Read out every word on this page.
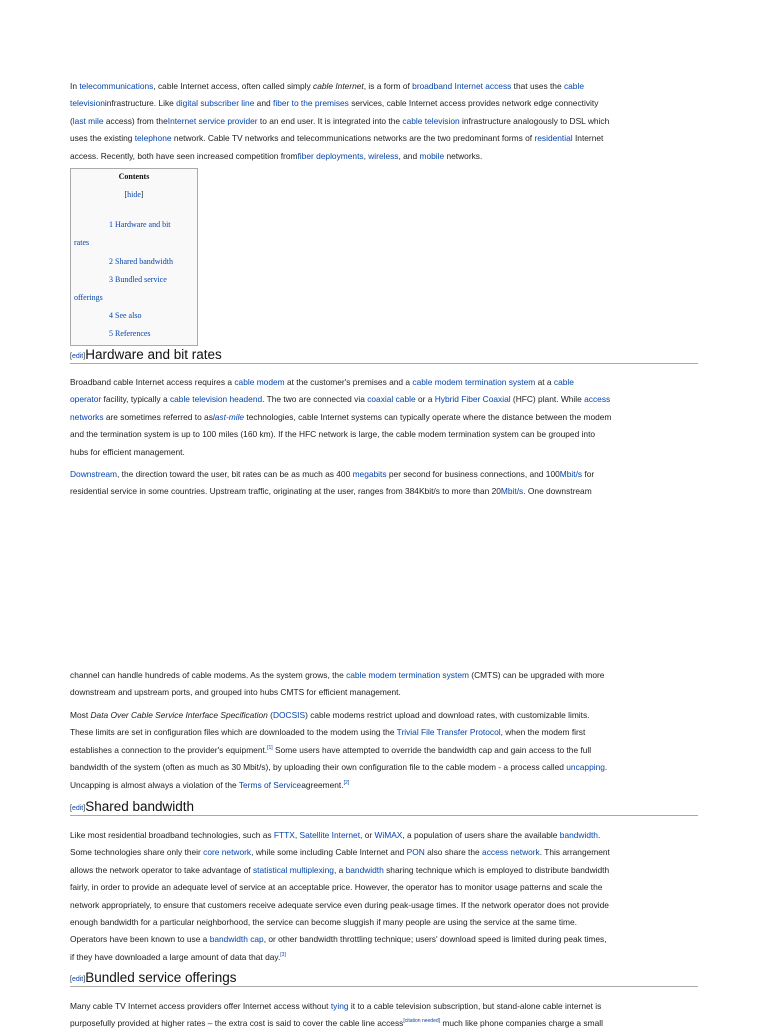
In telecommunications, cable Internet access, often called simply cable Internet, is a form of broadband Internet access that uses the cable
televisioninfrastructure. Like digital subscriber line and fiber to the premises services, cable Internet access provides network edge connectivity
(last mile access) from theInternet service provider to an end user. It is integrated into the cable television infrastructure analogously to DSL which
uses the existing telephone network. Cable TV networks and telecommunications networks are the two predominant forms of residential Internet
access. Recently, both have seen increased competition fromfiber deployments, wireless, and mobile networks.
Contents
[hide]
1 Hardware and bit
rates
2 Shared bandwidth
3 Bundled service
offerings
4 See also
5 References
[edit]Hardware and bit rates
Broadband cable Internet access requires a cable modem at the customer's premises and a cable modem termination system at a cable
operator facility, typically a cable television headend. The two are connected via coaxial cable or a Hybrid Fiber Coaxial (HFC) plant. While access
networks are sometimes referred to aslast-mile technologies, cable Internet systems can typically operate where the distance between the modem
and the termination system is up to 100 miles (160 km). If the HFC network is large, the cable modem termination system can be grouped into
hubs for efficient management.
Downstream, the direction toward the user, bit rates can be as much as 400 megabits per second for business connections, and 100Mbit/s for
residential service in some countries. Upstream traffic, originating at the user, ranges from 384Kbit/s to more than 20Mbit/s. One downstream
channel can handle hundreds of cable modems. As the system grows, the cable modem termination system (CMTS) can be upgraded with more
downstream and upstream ports, and grouped into hubs CMTS for efficient management.
Most Data Over Cable Service Interface Specification (DOCSIS) cable modems restrict upload and download rates, with customizable limits.
These limits are set in configuration files which are downloaded to the modem using the Trivial File Transfer Protocol, when the modem first
establishes a connection to the provider's equipment.[1] Some users have attempted to override the bandwidth cap and gain access to the full
bandwidth of the system (often as much as 30 Mbit/s), by uploading their own configuration file to the cable modem - a process called uncapping.
Uncapping is almost always a violation of the Terms of Serviceagreement.[2]
[edit]Shared bandwidth
Like most residential broadband technologies, such as FTTX, Satellite Internet, or WiMAX, a population of users share the available bandwidth.
Some technologies share only their core network, while some including Cable Internet and PON also share the access network. This arrangement
allows the network operator to take advantage of statistical multiplexing, a bandwidth sharing technique which is employed to distribute bandwidth
fairly, in order to provide an adequate level of service at an acceptable price. However, the operator has to monitor usage patterns and scale the
network appropriately, to ensure that customers receive adequate service even during peak-usage times. If the network operator does not provide
enough bandwidth for a particular neighborhood, the service can become sluggish if many people are using the service at the same time.
Operators have been known to use a bandwidth cap, or other bandwidth throttling technique; users' download speed is limited during peak times,
if they have downloaded a large amount of data that day.[3]
[edit]Bundled service offerings
Many cable TV Internet access providers offer Internet access without tying it to a cable television subscription, but stand-alone cable internet is
purposefully provided at higher rates – the extra cost is said to cover the cable line access[citation needed] much like phone companies charge a small
